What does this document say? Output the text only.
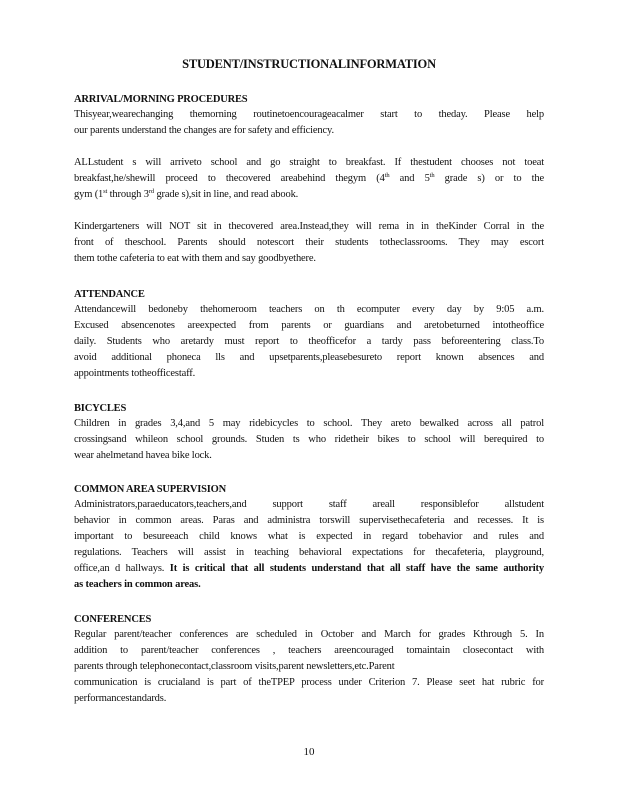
STUDENT/INSTRUCTIONALINFORMATION
ARRIVAL/MORNING PROCEDURES
Thisyear,wearechanging themorning routinetoencourageacalmer start to theday. Please help
our parents understand the changes are for safety and efficiency.
ALLstudent s will arriveto school and go straight to breakfast. If thestudent chooses not toeat
breakfast,he/shewill proceed to thecovered areabehind thegym (4th and 5th grade s) or to the
gym (1st through 3rd grade s),sit in line, and read abook.
Kindergarteners will NOT sit in thecovered area.Instead,they will rema in in theKinder Corral in the
front of theschool. Parents should notescort their students totheclassrooms. They may escort
them tothe cafeteria to eat with them and say goodbyethere.
ATTENDANCE
Attendancewill bedoneby thehomeroom teachers on th ecomputer every day by 9:05 a.m.
Excused absencenotes areexpected from parents or guardians and aretobeturned intotheoffice
daily. Students who aretardy must report to theofficefor a tardy pass beforeentering class.To
avoid additional phoneca lls and upsetparents,pleasebesureto report known absences and
appointments totheofficestaff.
BICYCLES
Children in grades 3,4,and 5 may ridebicycles to school. They areto bewalked across all patrol
crossingsand whileon school grounds. Studen ts who ridetheir bikes to school will berequired to
wear ahelmetand havea bike lock.
COMMON AREA SUPERVISION
Administrators,paraeducators,teachers,and support staff areall responsiblefor allstudent
behavior in common areas. Paras and administra torswill supervisethecafeteria and recesses. It is
important to besureeach child knows what is expected in regard tobehavior and rules and
regulations. Teachers will assist in teaching behavioral expectations for thecafeteria, playground,
office,an d hallways. It is critical that all students understand that all staff have the same authority
as teachers in common areas.
CONFERENCES
Regular parent/teacher conferences are scheduled in October and March for grades Kthrough 5. In
addition to parent/teacher conferences , teachers areencouraged tomaintain closecontact with
parents through telephonecontact,classroom visits,parent newsletters,etc.Parent
communication is crucialand is part of theTPEP process under Criterion 7. Please seet hat rubric for
performancestandards.
10
